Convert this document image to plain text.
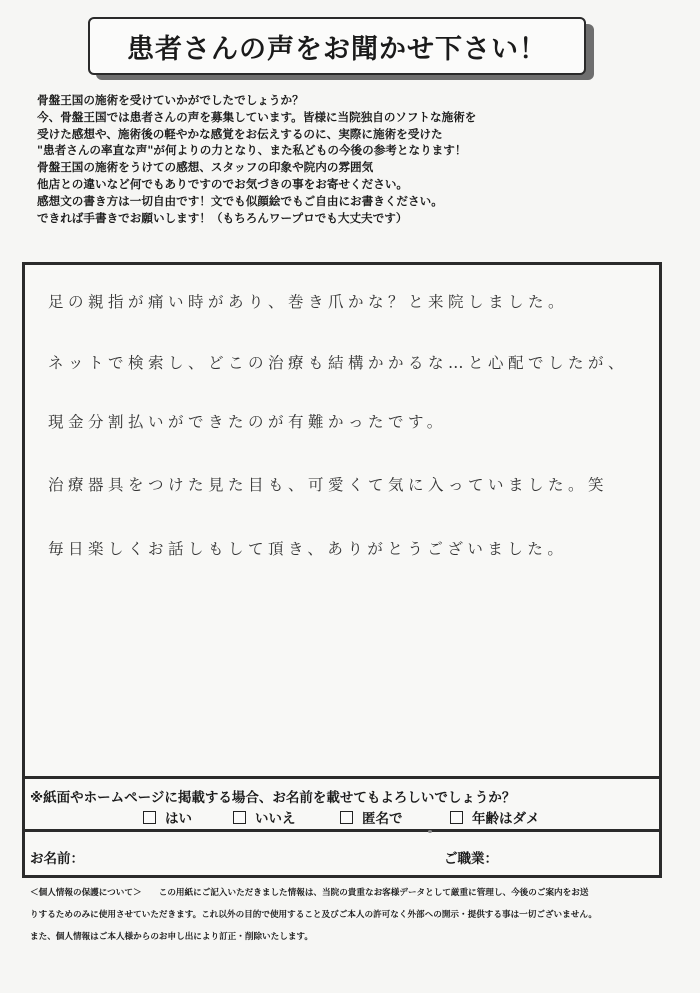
患者さんの声をお聞かせ下さい！
骨盤王国の施術を受けていかがでしたでしょうか？
今、骨盤王国では患者さんの声を募集しています。皆様に当院独自のソフトな施術を
受けた感想や、施術後の軽やかな感覚をお伝えするのに、実際に施術を受けた
"患者さんの率直な声"が何よりの力となり、また私どもの今後の参考となります！
骨盤王国の施術をうけての感想、スタッフの印象や院内の雰囲気
他店との違いなど何でもありですのでお気づきの事をお寄せください。
感想文の書き方は一切自由です！文でも似顔絵でもご自由にお書きください。
できれば手書きでお願いします！（もちろんワープロでも大丈夫です）
足の親指が痛い時があり、巻き爪かな？と来院しました。
ネットで検索し、どこの治療も結構かかるな…と心配でしたが、
現金分割払いができたのが有難かったです。
治療器具をつけた見た目も、可愛くて気に入っていました。笑
毎日楽しくお話しもして頂き、ありがとうございました。
※紙面やホームページに掲載する場合、お名前を載せてもよろしいでしょうか？
はい	いいえ	匿名で	年齢はダメ
お名前：	ご職業：
＜個人情報の保護について＞　　この用紙にご記入いただきました情報は、当院の貴重なお客様データとして厳重に管理し、今後のご案内をお送
りするためのみに使用させていただきます。これ以外の目的で使用すること及びご本人の許可なく外部への開示・提供する事は一切ございません。
また、個人情報はご本人様からのお申し出により訂正・削除いたします。
